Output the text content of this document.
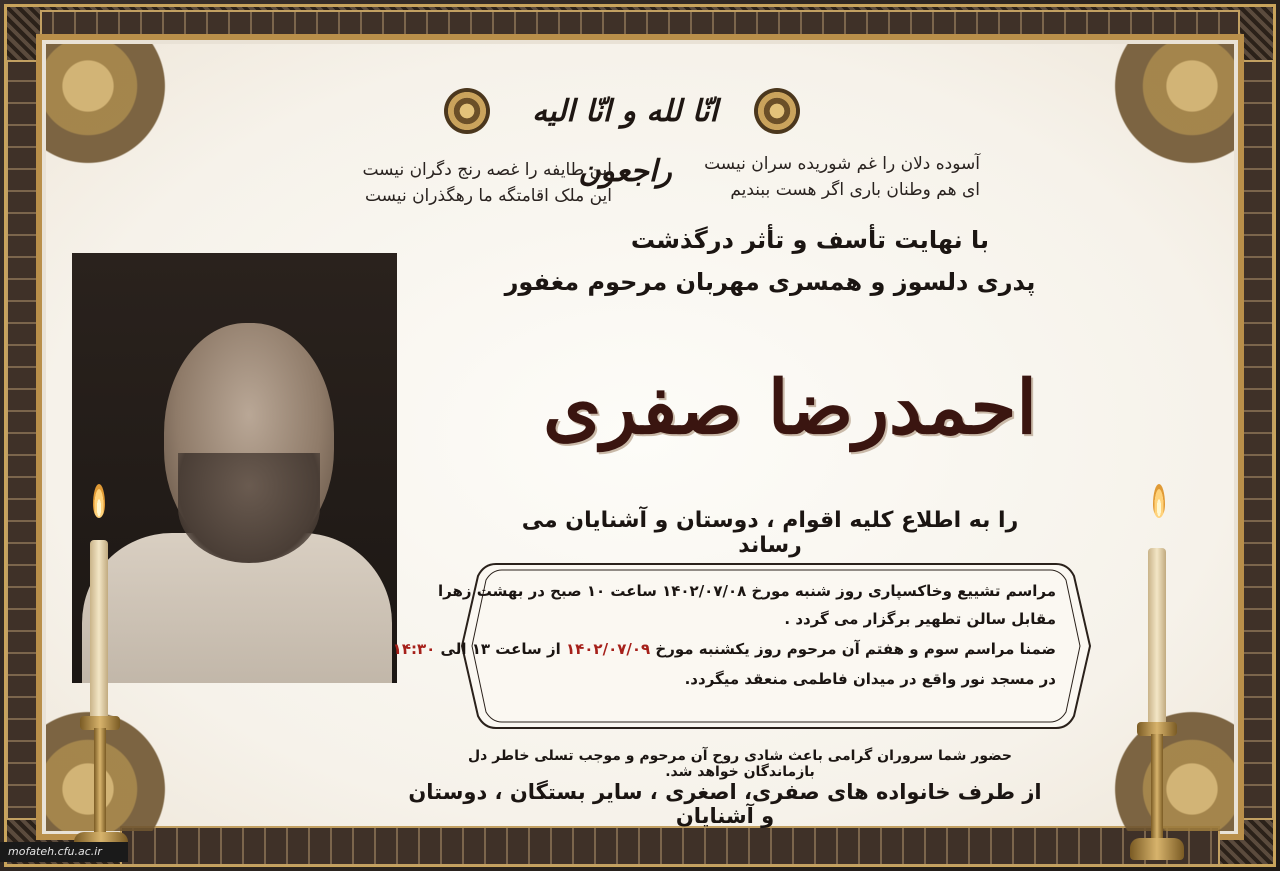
انّا لله و انّا الیه راجعون	آسوده دلان را غم شوریده سران نیست
ای هم وطنان باری اگر هست ببندیم
این طایفه را غصه رنج دگران نیست
این ملک اقامتگه ما رهگذران نیست
با نهایت تأسف و تأثر درگذشت
پدری دلسوز و همسری مهربان مرحوم مغفور
احمدرضا صفری
را به اطلاع کلیه اقوام ، دوستان و آشنایان می رساند
مراسم تشییع وخاکسپاری روز شنبه مورخ ۱۴۰۲/۰۷/۰۸ ساعت ۱۰ صبح در بهشت زهرا
مقابل سالن تطهیر برگزار می گردد .
ضمنا مراسم سوم و هفتم آن مرحوم روز یکشنبه مورخ ۱۴۰۲/۰۷/۰۹ از ساعت ۱۳ الی ۱۴:۳۰
در مسجد نور واقع در میدان فاطمی منعقد میگردد.
حضور شما سروران گرامی باعث شادی روح آن مرحوم و موجب تسلی خاطر دل بازماندگان خواهد شد.
از طرف خانواده های صفری، اصغری ، سایر بستگان ، دوستان و آشنایان
mofateh.cfu.ac.ir
